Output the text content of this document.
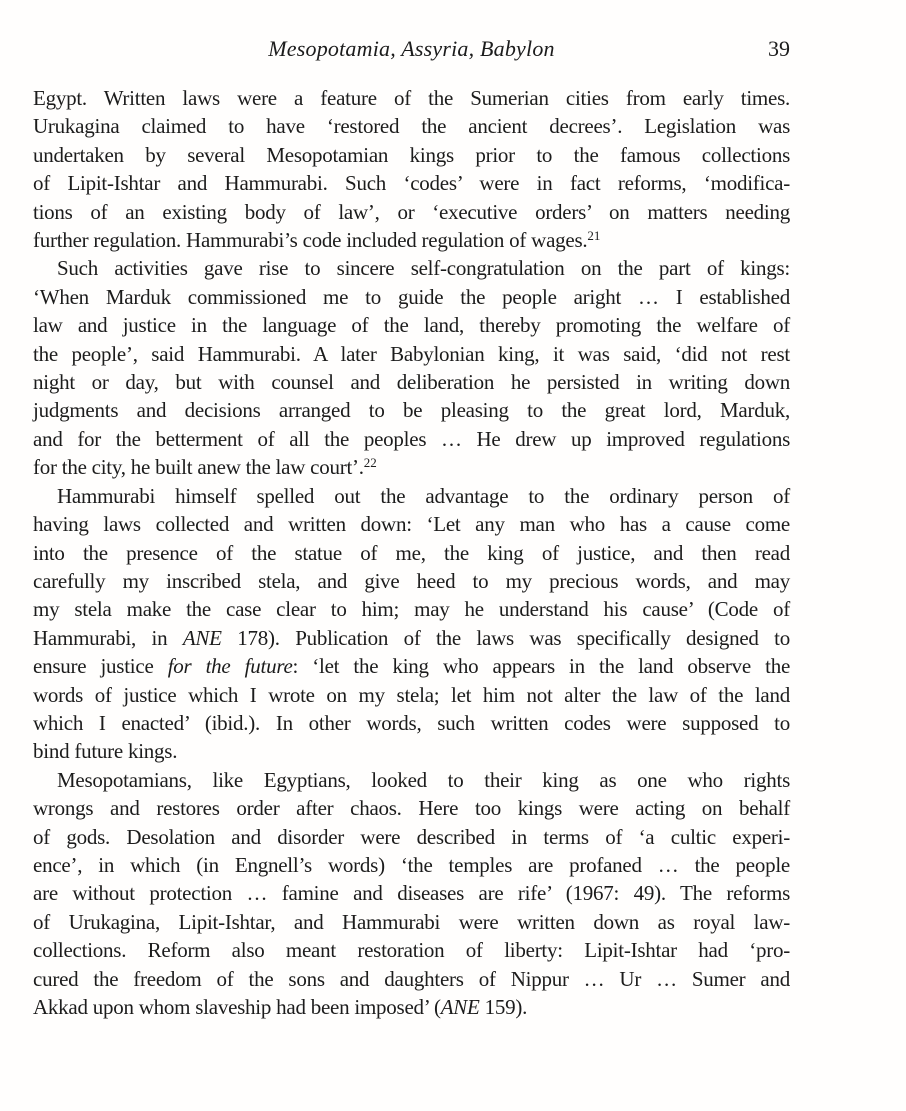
Mesopotamia, Assyria, Babylon	39
Egypt. Written laws were a feature of the Sumerian cities from early times.
Urukagina claimed to have ‘restored the ancient decrees’. Legislation was
undertaken by several Mesopotamian kings prior to the famous collections
of Lipit-Ishtar and Hammurabi. Such ‘codes’ were in fact reforms, ‘modifica-
tions of an existing body of law’, or ‘executive orders’ on matters needing
further regulation. Hammurabi’s code included regulation of wages.$^{21}$
Such activities gave rise to sincere self-congratulation on the part of kings:
‘When Marduk commissioned me to guide the people aright … I established
law and justice in the language of the land, thereby promoting the welfare of
the people’, said Hammurabi. A later Babylonian king, it was said, ‘did not rest
night or day, but with counsel and deliberation he persisted in writing down
judgments and decisions arranged to be pleasing to the great lord, Marduk,
and for the betterment of all the peoples … He drew up improved regulations
for the city, he built anew the law court’.$^{22}$
Hammurabi himself spelled out the advantage to the ordinary person of
having laws collected and written down: ‘Let any man who has a cause come
into the presence of the statue of me, the king of justice, and then read
carefully my inscribed stela, and give heed to my precious words, and may
my stela make the case clear to him; may he understand his cause’ (Code of
Hammurabi, in ANE 178). Publication of the laws was specifically designed to
ensure justice for the future: ‘let the king who appears in the land observe the
words of justice which I wrote on my stela; let him not alter the law of the land
which I enacted’ (ibid.). In other words, such written codes were supposed to
bind future kings.
Mesopotamians, like Egyptians, looked to their king as one who rights
wrongs and restores order after chaos. Here too kings were acting on behalf
of gods. Desolation and disorder were described in terms of ‘a cultic experi-
ence’, in which (in Engnell’s words) ‘the temples are profaned … the people
are without protection … famine and diseases are rife’ (1967: 49). The reforms
of Urukagina, Lipit-Ishtar, and Hammurabi were written down as royal law-
collections. Reform also meant restoration of liberty: Lipit-Ishtar had ‘pro-
cured the freedom of the sons and daughters of Nippur … Ur … Sumer and
Akkad upon whom slaveship had been imposed’ (ANE 159).
